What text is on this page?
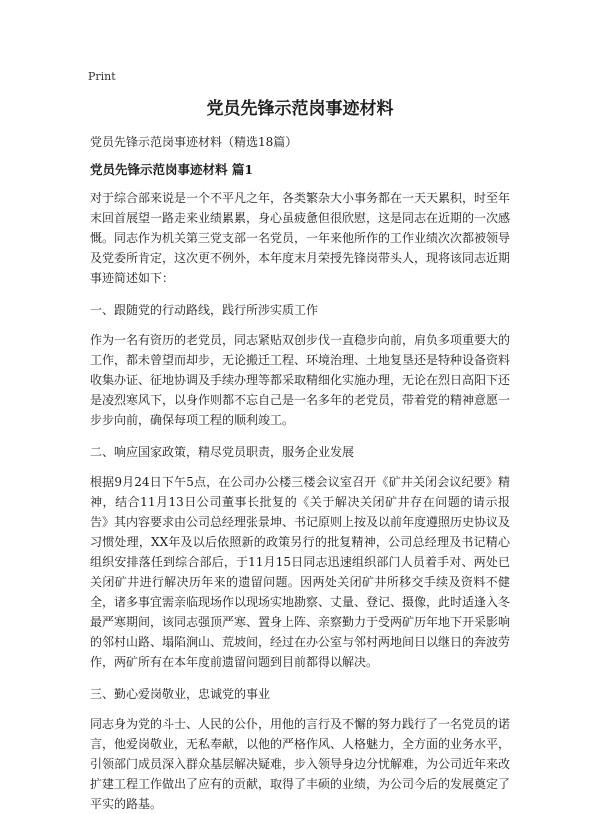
Print
党员先锋示范岗事迹材料
党员先锋示范岗事迹材料（精选18篇）
党员先锋示范岗事迹材料 篇1

对于综合部来说是一个不平凡之年，各类繁杂大小事务都在一天天累积，时至年末回首展望一路走来业绩累累，身心虽疲惫但很欣慰，这是同志在近期的一次感慨。同志作为机关第三党支部一名党员，一年来他所作的工作业绩次次都被领导及党委所肯定，这次更不例外，本年度末月荣授先锋岗带头人，现将该同志近期事迹简述如下：

一、跟随党的行动路线，践行所涉实质工作

作为一名有资历的老党员，同志紧贴双创步伐一直稳步向前，肩负多项重要大的工作，都未曾望而却步，无论搬迁工程、环境治理、土地复垦还是特种设备资料收集办证、征地协调及手续办理等都采取精细化实施办理，无论在烈日高阳下还是凌烈寒风下，以身作则都不忘自己是一名多年的老党员，带着党的精神意愿一步步向前，确保每项工程的顺利竣工。

二、响应国家政策，精尽党员职责，服务企业发展

根据9月24日下午5点，在公司办公楼三楼会议室召开《矿井关闭会议纪要》精神，结合11月13日公司董事长批复的《关于解决关闭矿井存在问题的请示报告》其内容要求由公司总经理张景坤、书记原则上按及以前年度遵照历史协议及习惯处理，XX年及以后依照新的政策另行的批复精神，公司总经理及书记精心组织安排落任到综合部后，于11月15日同志迅速组织部门人员着手对、两处已关闭矿井进行解决历年来的遗留问题。因两处关闭矿井所移交手续及资料不健全，诸多事宜需亲临现场作以现场实地勘察、丈量、登记、摄像，此时适逢入冬最严寒期间，该同志强顶严寒、置身上阵、亲察勤力于受两矿历年地下开采影响的邻村山路、塌陷涧山、荒坡间，经过在办公室与邻村两地间日以继日的奔波劳作，两矿所有在本年度前遗留问题到目前都得以解决。

三、勤心爱岗敬业，忠诚党的事业

同志身为党的斗士、人民的公仆，用他的言行及不懈的努力践行了一名党员的诺言，他爱岗敬业，无私奉献，以他的严格作风、人格魅力，全方面的业务水平，引领部门成员深入群众基层解决疑难，步入领导身边分忧解难，为公司近年来改扩建工程工作做出了应有的贡献，取得了丰硕的业绩，为公司今后的发展奠定了平实的路基。
